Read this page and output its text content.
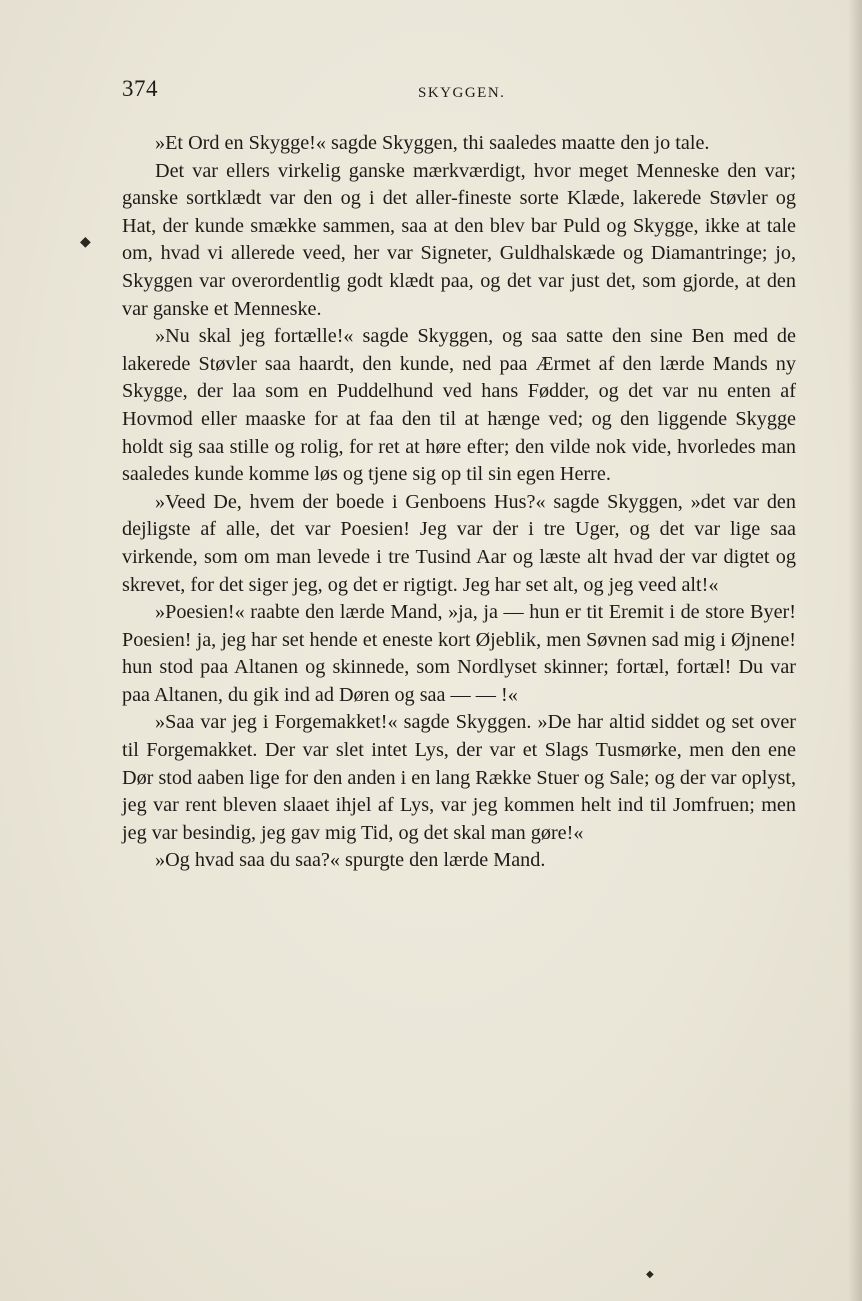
374	SKYGGEN.
◆

»Et Ord en Skygge!« sagde Skyggen, thi saaledes maatte den jo tale.

Det var ellers virkelig ganske mærkværdigt, hvor meget Menneske den var; ganske sortklædt var den og i det aller-fineste sorte Klæde, lakerede Støvler og Hat, der kunde smække sammen, saa at den blev bar Puld og Skygge, ikke at tale om, hvad vi allerede veed, her var Signeter, Guldhalskæde og Diamantringe; jo, Skyggen var overordentlig godt klædt paa, og det var just det, som gjorde, at den var ganske et Menneske.

»Nu skal jeg fortælle!« sagde Skyggen, og saa satte den sine Ben med de lakerede Støvler saa haardt, den kunde, ned paa Ærmet af den lærde Mands ny Skygge, der laa som en Puddelhund ved hans Fødder, og det var nu enten af Hovmod eller maaske for at faa den til at hænge ved; og den liggende Skygge holdt sig saa stille og rolig, for ret at høre efter; den vilde nok vide, hvorledes man saaledes kunde komme løs og tjene sig op til sin egen Herre.

»Veed De, hvem der boede i Genboens Hus?« sagde Skyggen, »det var den dejligste af alle, det var Poesien! Jeg var der i tre Uger, og det var lige saa virkende, som om man levede i tre Tusind Aar og læste alt hvad der var digtet og skrevet, for det siger jeg, og det er rigtigt. Jeg har set alt, og jeg veed alt!«

»Poesien!« raabte den lærde Mand, »ja, ja — hun er tit Eremit i de store Byer! Poesien! ja, jeg har set hende et eneste kort Øjeblik, men Søvnen sad mig i Øjnene! hun stod paa Altanen og skinnede, som Nordlyset skinner; fortæl, fortæl! Du var paa Altanen, du gik ind ad Døren og saa — — !«

»Saa var jeg i Forgemakket!« sagde Skyggen. »De har altid siddet og set over til Forgemakket. Der var slet intet Lys, der var et Slags Tusmørke, men den ene Dør stod aaben lige for den anden i en lang Række Stuer og Sale; og der var oplyst, jeg var rent bleven slaaet ihjel af Lys, var jeg kommen helt ind til Jomfruen; men jeg var besindig, jeg gav mig Tid, og det skal man gøre!«

»Og hvad saa du saa?« spurgte den lærde Mand.

◆
